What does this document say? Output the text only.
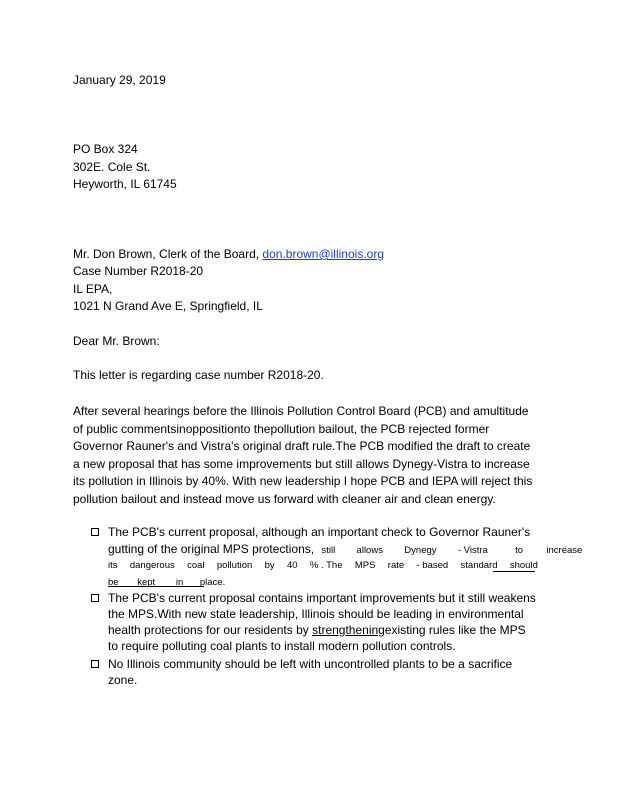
January 29, 2019
PO Box 324
302E. Cole St.
Heyworth, IL 61745
Mr. Don Brown, Clerk of the Board, don.brown@illinois.org
Case Number R2018-20
IL EPA,
1021 N Grand Ave E, Springfield, IL
Dear Mr. Brown:
This letter is regarding case number R2018-20.

After several hearings before the Illinois Pollution Control Board (PCB) and amultitude

of public commentsinoppositionto thepollution bailout, the PCB rejected former

Governor Rauner's and Vistra's original draft rule.The PCB modified the draft to create

a new proposal that has some improvements but still allows Dynegy-Vistra to increase

its pollution in Illinois by 40%. With new leadership I hope PCB and IEPA will reject this

pollution bailout and instead move us forward with cleaner air and clean energy.

The PCB's current proposal, although an important check to Governor Rauner's
gutting of the original MPS protections, still allows Dynegy - Vistra	to increase
its dangerous coal pollution by 40 % . The MPS rate - based standard should
be kept in place.
The PCB's current proposal contains important improvements but it still weakens
the MPS.With new state leadership, Illinois should be leading in environmental
health protections for our residents by strengtheningexisting rules like the MPS
to require polluting coal plants to install modern pollution controls.
No Illinois community should be left with uncontrolled plants to be a sacrifice
zone.
